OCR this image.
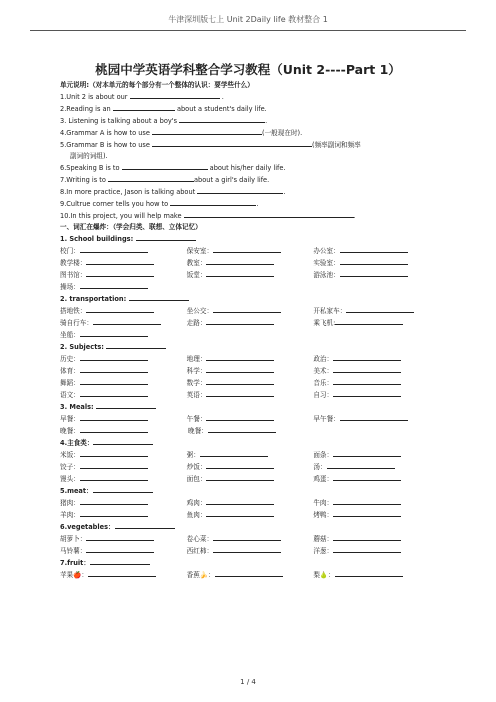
牛津深圳版七上 Unit 2Daily life 教材整合 1
桃园中学英语学科整合学习教程（Unit 2----Part 1）
单元说明:（对本单元的每个部分有一个整体的认识：要学些什么）
1.Unit 2 is about our	.
2.Reading is an	about a student's daily life.
3. Listening is talking about a boy's	.
4.Grammar A is how to use	(一般现在时).
5.Grammar B is how to use	(频率副词和频率
副词的词组).
6.Speaking B is to	about his/her daily life.
7.Writing is to	about a girl's daily life.
8.In more practice, Jason is talking about	.
9.Cultrue corner tells you how to	.
10.In this project, you will help make	.
一、词汇在爆炸：（学会归类、联想、立体记忆）
1. School buildings:
校门：	保安室：	办公室：
教学楼：	教室：	实验室：
图书馆：	饭堂：	游泳池：
操场：
2. transportation:
搭地铁：	坐公交：	开私家车：
骑自行车：	走路：	乘飞机:
坐船：
2. Subjects:
历史：	地理：	政治：
体育：	科学：	美术：
舞蹈：	数学：	音乐：
语文：	英语：	自习：
3. Meals:
早餐：	午餐：	早午餐：
晚餐：	晚餐：
4.主食类：
米饭：	粥：	面条：
饺子：	炒饭：	汤：
馒头：	面包：	鸡蛋：
5.meat：
猪肉：	鸡肉：	牛肉：
羊肉：	鱼肉：	烤鸭：
6.vegetables：
胡萝卜：	卷心菜：	蘑菇：
马铃薯：	西红柿：	洋葱：
7.fruit：
苹果🍎：	香蕉🍌：	梨🍐：
1 / 4
